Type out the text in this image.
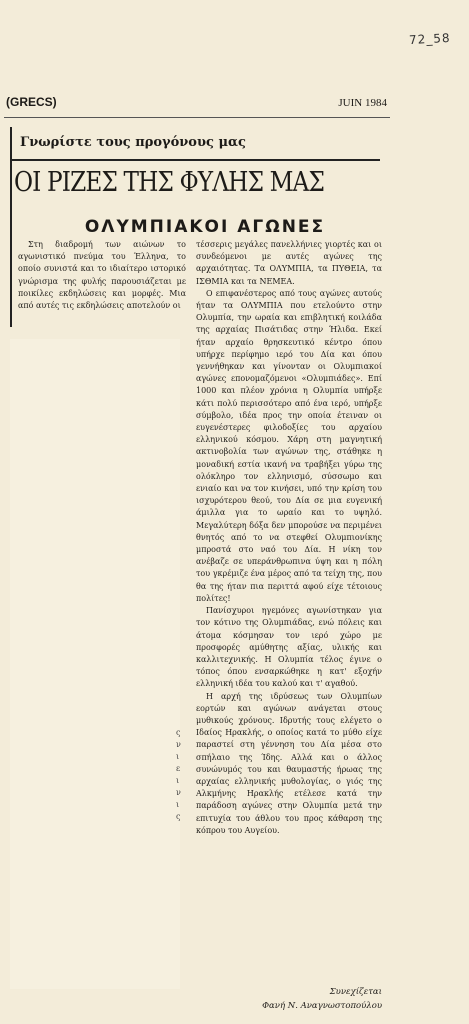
72_58
(GRECS)	JUIN 1984
Γνωρίστε τους προγόνους μας
ΟΙ ΡΙΖΕΣ ΤΗΣ ΦΥΛΗΣ ΜΑΣ
ΟΛΥΜΠΙΑΚΟΙ ΑΓΩΝΕΣ

Στη διαδρομή των αιώνων το αγωνιστικό πνεύμα του Έλληνα, το οποίο συνιστά και το ιδιαίτερο ιστορικό γνώρισμα της φυλής παρουσιάζεται με ποικίλες εκδηλώσεις και μορφές. Μια από αυτές τις εκδηλώσεις αποτελούν οι

ς
ν
ι
ε
ι
ν
ι
ς

τέσσερις μεγάλες πανελλήνιες γιορτές και οι συνδεόμενοι με αυτές αγώνες της αρχαιότητας. Τα ΟΛΥΜΠΙΑ, τα ΠΥΘΕΙΑ, τα ΙΣΘΜΙΑ και τα ΝΕΜΕΑ.

Ο επιφανέστερος από τους αγώνες αυτούς ήταν τα ΟΛΥΜΠΙΑ που ετελούντο στην Ολυμπία, την ωραία και επιβλητική κοιλάδα της αρχαίας Πισάτιδας στην Ήλιδα. Εκεί ήταν αρχαίο θρησκευτικό κέντρο όπου υπήρχε περίφημο ιερό του Δία και όπου γεννήθηκαν και γίνονταν οι Ολυμπιακοί αγώνες επονομαζόμενοι «Ολυμπιάδες». Επί 1000 και πλέον χρόνια η Ολυμπία υπήρξε κάτι πολύ περισσότερο από ένα ιερό, υπήρξε σύμβολο, ιδέα προς την οποία έτειναν οι ευγενέστερες φιλοδοξίες του αρχαίου ελληνικού κόσμου. Χάρη στη μαγνητική ακτινοβολία των αγώνων της, στάθηκε η μοναδική εστία ικανή να τραβήξει γύρω της ολόκληρο τον ελληνισμό, σύσσωμο και ενιαίο και να τον κινήσει, υπό την κρίση του ισχυρότερου θεού, του Δία σε μια ευγενική άμιλλα για το ωραίο και το υψηλό. Μεγαλύτερη δόξα δεν μπορούσε να περιμένει θνητός από το να στεφθεί Ολυμπιονίκης μπροστά στο ναό του Δία. Η νίκη τον ανέβαζε σε υπεράνθρωπινα ύψη και η πόλη του γκρέμιζε ένα μέρος από τα τείχη της, που θα της ήταν πια περιττά αφού είχε τέτοιους πολίτες!

Πανίσχυροι ηγεμόνες αγωνίστηκαν για τον κότινο της Ολυμπιάδας, ενώ πόλεις και άτομα κόσμησαν τον ιερό χώρο με προσφορές αμύθητης αξίας, υλικής και καλλιτεχνικής. Η Ολυμπία τέλος έγινε ο τόπος όπου ενσαρκώθηκε η κατ' εξοχήν ελληνική ιδέα του καλού και τ' αγαθού.

Η αρχή της ιδρύσεως των Ολυμπίων εορτών και αγώνων ανάγεται στους μυθικούς χρόνους. Ιδρυτής τους ελέγετο ο Ιδαίος Ηρακλής, ο οποίος κατά το μύθο είχε παραστεί στη γέννηση του Δία μέσα στο σπήλαιο της Ίδης. Αλλά και ο άλλος συνώνυμός του και θαυμαστής ήρωας της αρχαίας ελληνικής μυθολογίας, ο γιός της Αλκμήνης Ηρακλής ετέλεσε κατά την παράδοση αγώνες στην Ολυμπία μετά την επιτυχία του άθλου του προς κάθαρση της κόπρου του Αυγείου.

Συνεχίζεται
Φανή Ν. Αναγνωστοπούλου
